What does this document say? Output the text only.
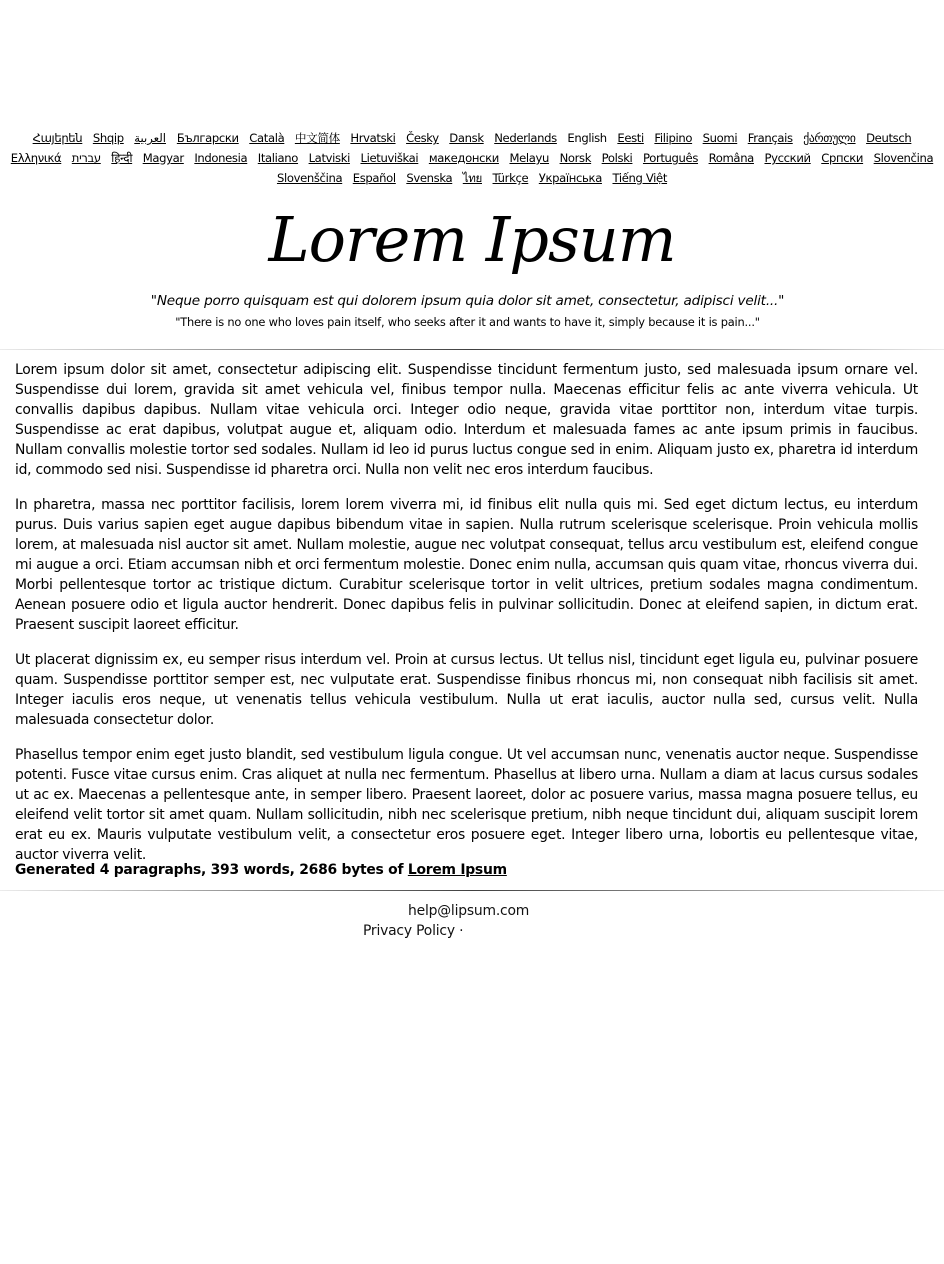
Հայերեն Shqip العربية Български Català 中文简体 Hrvatski Česky Dansk Nederlands English Eesti Filipino Suomi Français ქართული Deutsch Ελληνικά עברית हिन्दी Magyar Indonesia Italiano Latviski Lietuviškai македонски Melayu Norsk Polski Português Româna Pyccкий Српски Slovenčina Slovenščina Español Svenska ไทย Türkçe Українська Tiếng Việt
Lorem Ipsum
"Neque porro quisquam est qui dolorem ipsum quia dolor sit amet, consectetur, adipisci velit..."
"There is no one who loves pain itself, who seeks after it and wants to have it, simply because it is pain..."

Lorem ipsum dolor sit amet, consectetur adipiscing elit. Suspendisse tincidunt fermentum justo, sed malesuada ipsum ornare vel. Suspendisse dui lorem, gravida sit amet vehicula vel, finibus tempor nulla. Maecenas efficitur felis ac ante viverra vehicula. Ut convallis dapibus dapibus. Nullam vitae vehicula orci. Integer odio neque, gravida vitae porttitor non, interdum vitae turpis. Suspendisse ac erat dapibus, volutpat augue et, aliquam odio. Interdum et malesuada fames ac ante ipsum primis in faucibus. Nullam convallis molestie tortor sed sodales. Nullam id leo id purus luctus congue sed in enim. Aliquam justo ex, pharetra id interdum id, commodo sed nisi. Suspendisse id pharetra orci. Nulla non velit nec eros interdum faucibus.

In pharetra, massa nec porttitor facilisis, lorem lorem viverra mi, id finibus elit nulla quis mi. Sed eget dictum lectus, eu interdum purus. Duis varius sapien eget augue dapibus bibendum vitae in sapien. Nulla rutrum scelerisque scelerisque. Proin vehicula mollis lorem, at malesuada nisl auctor sit amet. Nullam molestie, augue nec volutpat consequat, tellus arcu vestibulum est, eleifend congue mi augue a orci. Etiam accumsan nibh et orci fermentum molestie. Donec enim nulla, accumsan quis quam vitae, rhoncus viverra dui. Morbi pellentesque tortor ac tristique dictum. Curabitur scelerisque tortor in velit ultrices, pretium sodales magna condimentum. Aenean posuere odio et ligula auctor hendrerit. Donec dapibus felis in pulvinar sollicitudin. Donec at eleifend sapien, in dictum erat. Praesent suscipit laoreet efficitur.

Ut placerat dignissim ex, eu semper risus interdum vel. Proin at cursus lectus. Ut tellus nisl, tincidunt eget ligula eu, pulvinar posuere quam. Suspendisse porttitor semper est, nec vulputate erat. Suspendisse finibus rhoncus mi, non consequat nibh facilisis sit amet. Integer iaculis eros neque, ut venenatis tellus vehicula vestibulum. Nulla ut erat iaculis, auctor nulla sed, cursus velit. Nulla malesuada consectetur dolor.

Phasellus tempor enim eget justo blandit, sed vestibulum ligula congue. Ut vel accumsan nunc, venenatis auctor neque. Suspendisse potenti. Fusce vitae cursus enim. Cras aliquet at nulla nec fermentum. Phasellus at libero urna. Nullam a diam at lacus cursus sodales ut ac ex. Maecenas a pellentesque ante, in semper libero. Praesent laoreet, dolor ac posuere varius, massa magna posuere tellus, eu eleifend velit tortor sit amet quam. Nullam sollicitudin, nibh nec scelerisque pretium, nibh neque tincidunt dui, aliquam suscipit lorem erat eu ex. Mauris vulputate vestibulum velit, a consectetur eros posuere eget. Integer libero urna, lobortis eu pellentesque vitae, auctor viverra velit.

Generated 4 paragraphs, 393 words, 2686 bytes of Lorem Ipsum
help@lipsum.com
Privacy Policy ·
